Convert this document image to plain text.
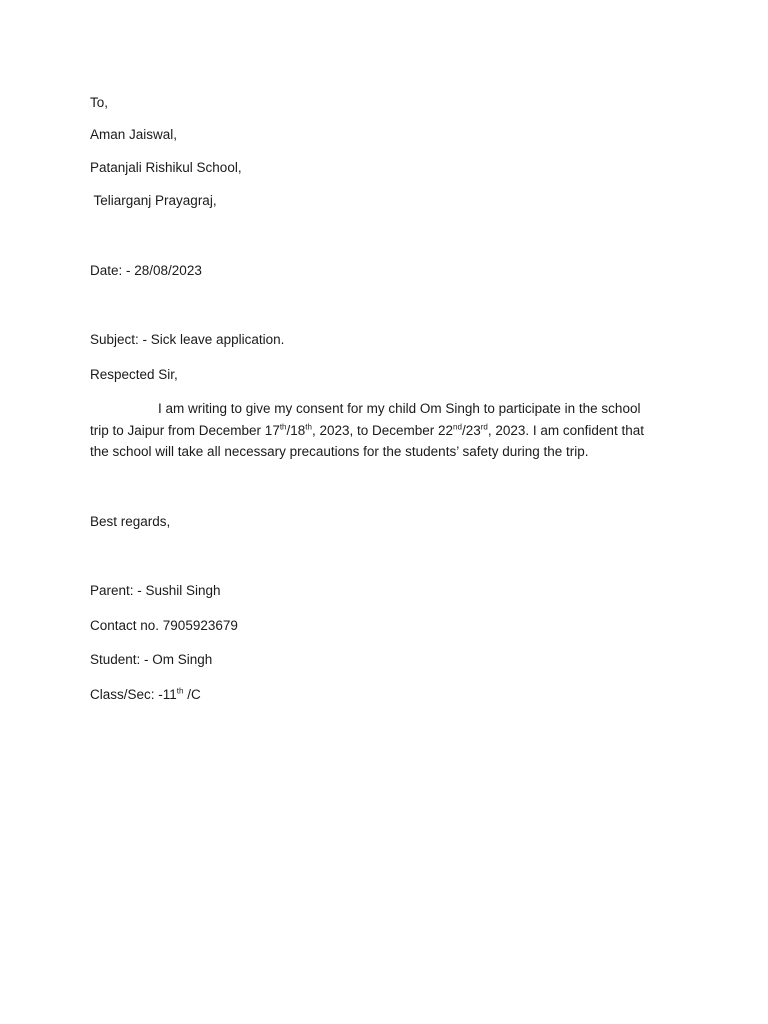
To,
Aman Jaiswal,
Patanjali Rishikul School,
Teliarganj Prayagraj,
Date: - 28/08/2023
Subject: - Sick leave application.
Respected Sir,
I am writing to give my consent for my child Om Singh to participate in the school
trip to Jaipur from December 17th/18th, 2023, to December 22nd/23rd, 2023. I am confident that
the school will take all necessary precautions for the students’ safety during the trip.
Best regards,
Parent: - Sushil Singh
Contact no. 7905923679
Student: - Om Singh
Class/Sec: -11th /C
